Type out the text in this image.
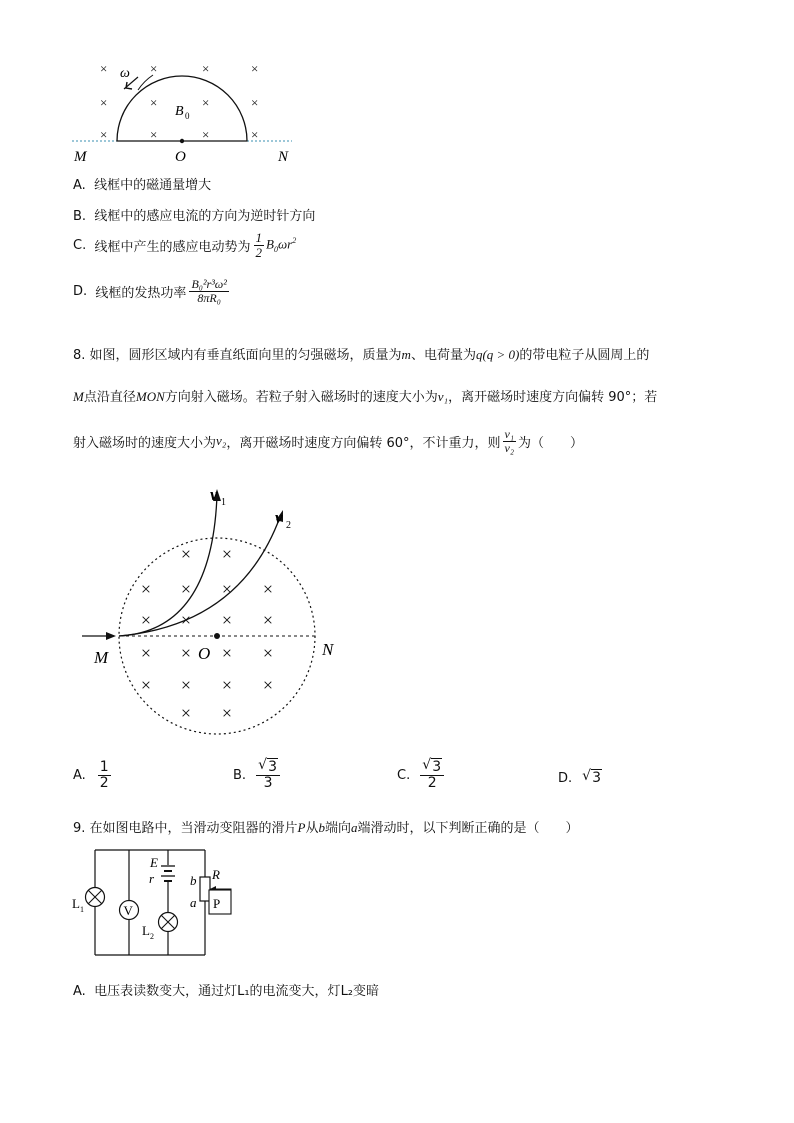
×	×	×	×
×	×	×	×
×	×	×	×
ω
B 0
M	O	N
A. 线框中的磁通量增大
B. 线框中的感应电流的方向为逆时针方向
C.
线框中产生的感应电动势为 $\frac{1}{2} B_0\omega r^2$
D.
线框的发热功率 $\frac{\text{B₀²r³ω²}}{\text{8πR₀}}$
8. 如图，圆形区域内有垂直纸面向里的匀强磁场，质量为m、电荷量为q(q > 0)的带电粒子从圆周上的
M点沿直径MON方向射入磁场。若粒子射入磁场时的速度大小为v₁，离开磁场时速度方向偏转 90°；若
射入磁场时的速度大小为 v₂ ，离开磁场时速度方向偏转 60°，不计重力，则 $\frac{\text{v₁}}{\text{v₂}}$ 为（　　）
× ×
× × × ×
× × × ×
× × × ×
× × × ×
× ×
v 1
v 2
M	O	N
A. $\frac{1}{2}$	B. $\frac{√ 3}{3}$	C. $\frac{√ 3}{2}$	D. √ 3
9. 在如图电路中，当滑动变阻器的滑片P从b端向a端滑动时，以下判断正确的是（　　）
V	P
E
r	b R
a
L 1
L 2
A. 电压表读数变大，通过灯L₁的电流变大，灯L₂变暗
